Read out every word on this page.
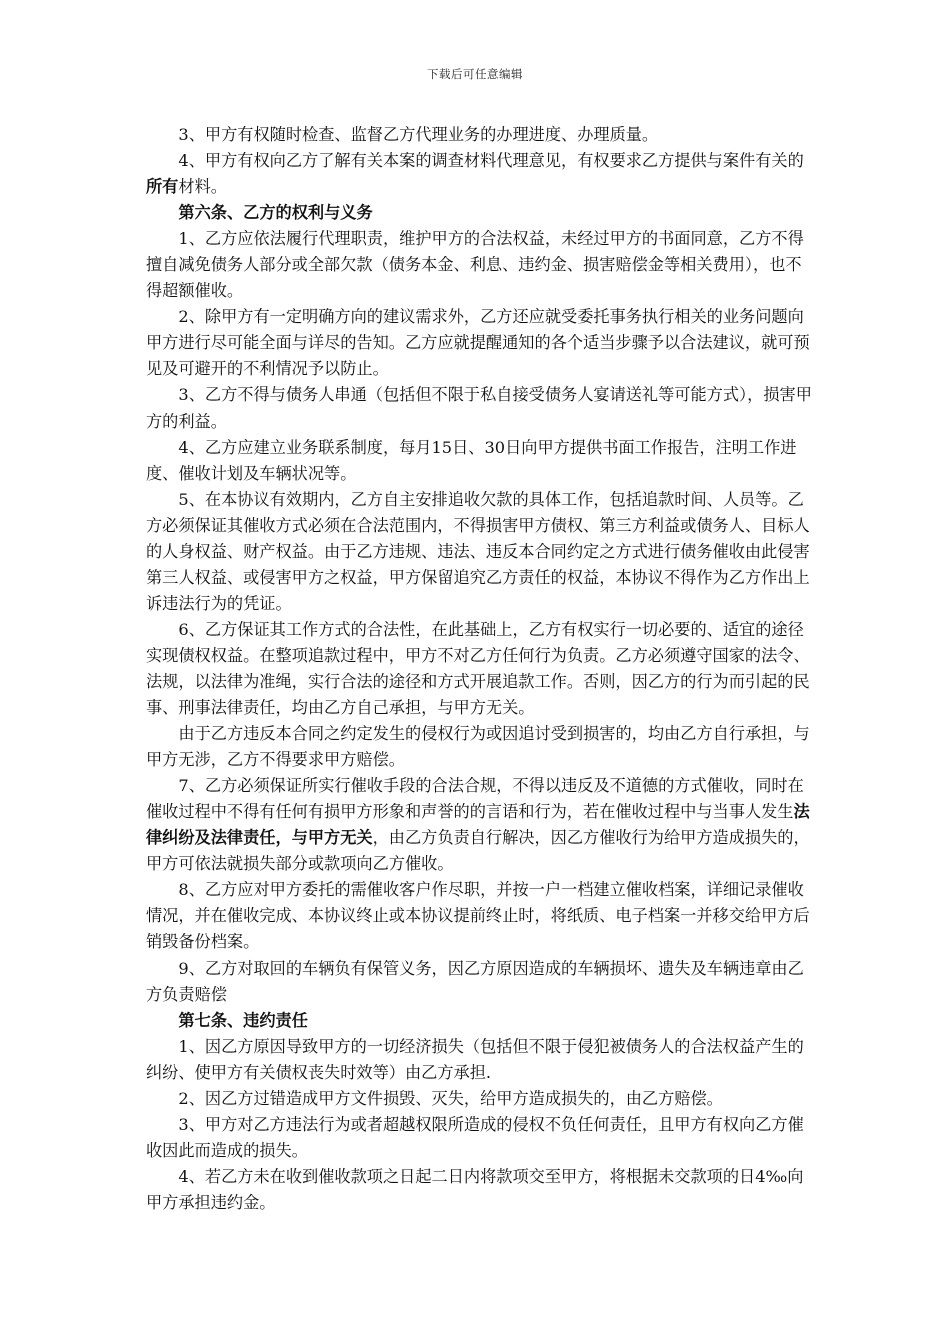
下载后可任意编辑

3、甲方有权随时检查、监督乙方代理业务的办理进度、办理质量。

4、甲方有权向乙方了解有关本案的调查材料代理意见，有权要求乙方提供与案件有关的所有材料。

第六条、乙方的权利与义务

1、乙方应依法履行代理职责，维护甲方的合法权益，未经过甲方的书面同意，乙方不得擅自减免债务人部分或全部欠款（债务本金、利息、违约金、损害赔偿金等相关费用），也不得超额催收。

2、除甲方有一定明确方向的建议需求外，乙方还应就受委托事务执行相关的业务问题向甲方进行尽可能全面与详尽的告知。乙方应就提醒通知的各个适当步骤予以合法建议，就可预见及可避开的不利情况予以防止。

3、乙方不得与债务人串通（包括但不限于私自接受债务人宴请送礼等可能方式），损害甲方的利益。

4、乙方应建立业务联系制度，每月15日、30日向甲方提供书面工作报告，注明工作进度、催收计划及车辆状况等。

5、在本协议有效期内，乙方自主安排追收欠款的具体工作，包括追款时间、人员等。乙方必须保证其催收方式必须在合法范围内，不得损害甲方债权、第三方利益或债务人、目标人的人身权益、财产权益。由于乙方违规、违法、违反本合同约定之方式进行债务催收由此侵害第三人权益、或侵害甲方之权益，甲方保留追究乙方责任的权益，本协议不得作为乙方作出上诉违法行为的凭证。

6、乙方保证其工作方式的合法性，在此基础上，乙方有权实行一切必要的、适宜的途径实现债权权益。在整项追款过程中，甲方不对乙方任何行为负责。乙方必须遵守国家的法令、法规，以法律为准绳，实行合法的途径和方式开展追款工作。否则，因乙方的行为而引起的民事、刑事法律责任，均由乙方自己承担，与甲方无关。

由于乙方违反本合同之约定发生的侵权行为或因追讨受到损害的，均由乙方自行承担，与甲方无涉，乙方不得要求甲方赔偿。

7、乙方必须保证所实行催收手段的合法合规，不得以违反及不道德的方式催收，同时在催收过程中不得有任何有损甲方形象和声誉的的言语和行为，若在催收过程中与当事人发生法律纠纷及法律责任，与甲方无关，由乙方负责自行解决，因乙方催收行为给甲方造成损失的，甲方可依法就损失部分或款项向乙方催收。

8、乙方应对甲方委托的需催收客户作尽职，并按一户一档建立催收档案，详细记录催收情况，并在催收完成、本协议终止或本协议提前终止时，将纸质、电子档案一并移交给甲方后销毁备份档案。

9、乙方对取回的车辆负有保管义务，因乙方原因造成的车辆损坏、遗失及车辆违章由乙方负责赔偿

第七条、违约责任

1、因乙方原因导致甲方的一切经济损失（包括但不限于侵犯被债务人的合法权益产生的纠纷、使甲方有关债权丧失时效等）由乙方承担.

2、因乙方过错造成甲方文件损毁、灭失，给甲方造成损失的，由乙方赔偿。

3、甲方对乙方违法行为或者超越权限所造成的侵权不负任何责任，且甲方有权向乙方催收因此而造成的损失。

4、若乙方未在收到催收款项之日起二日内将款项交至甲方，将根据未交款项的日4‰向甲方承担违约金。
